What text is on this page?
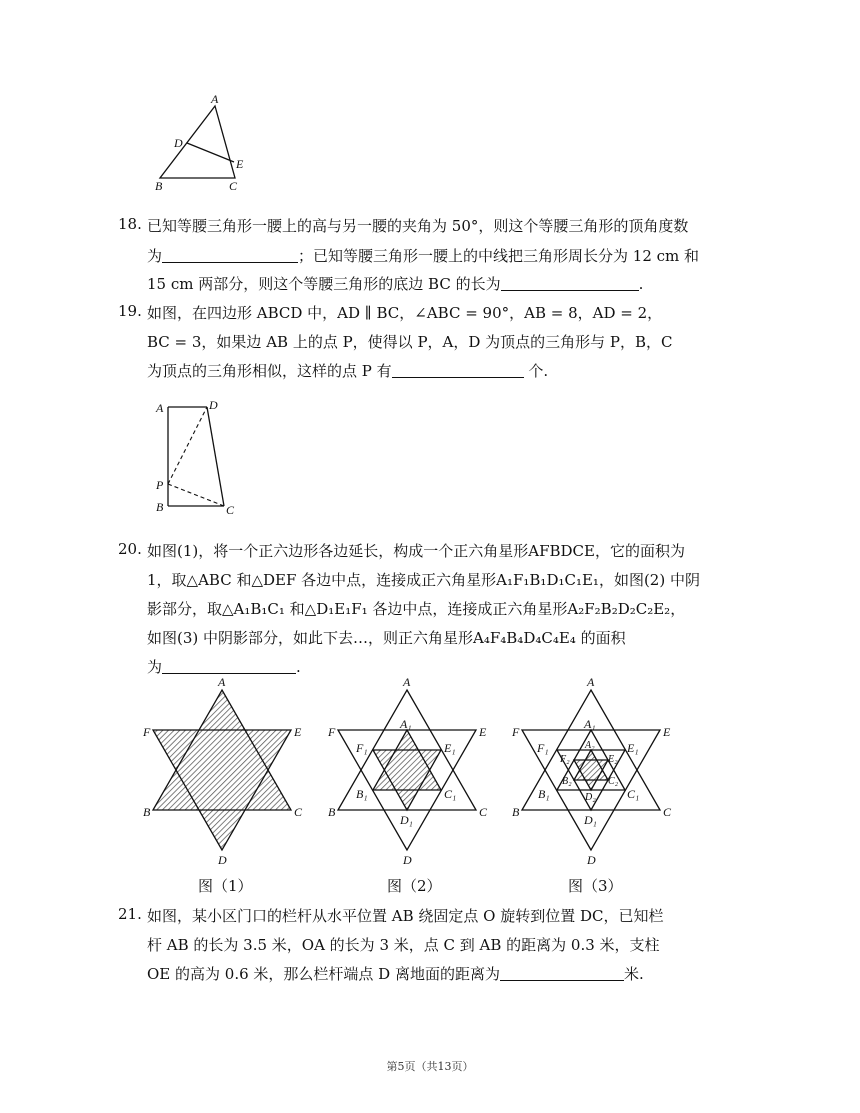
A
D
E
B	C
18. 已知等腰三角形一腰上的高与另一腰的夹角为 50°，则这个等腰三角形的顶角度数
为	；已知等腰三角形一腰上的中线把三角形周长分为 12 cm 和
15 cm 两部分，则这个等腰三角形的底边 BC 的长为	.
19. 如图，在四边形 ABCD 中，AD ∥ BC，∠ABC = 90°，AB = 8，AD = 2，
BC = 3，如果边 AB 上的点 P，使得以 P，A，D 为顶点的三角形与 P，B，C
为顶点的三角形相似，这样的点 P 有	个.
A	D
P
B	C
20. 如图(1)，将一个正六边形各边延长，构成一个正六角星形AFBDCE，它的面积为
1，取△ABC 和△DEF 各边中点，连接成正六角星形A₁F₁B₁D₁C₁E₁，如图(2) 中阴
影部分，取△A₁B₁C₁ 和△D₁E₁F₁ 各边中点，连接成正六角星形A₂F₂B₂D₂C₂E₂，
如图(3) 中阴影部分，如此下去…，则正六角星形A₄F₄B₄D₄C₄E₄ 的面积
为	.
A
F	E
B	C
D
A
F	E
B	C
D
A₁
F₁	E₁
B₁	C₁
D₁
A
F	E
B	C
D
A₁
F₁	E₁
B₁	C₁
D₁
A₂
F₂	E₂
B₂	C₂
D₂
图（1）	图（2）	图（3）
21. 如图，某小区门口的栏杆从水平位置 AB 绕固定点 O 旋转到位置 DC，已知栏
杆 AB 的长为 3.5 米，OA 的长为 3 米，点 C 到 AB 的距离为 0.3 米，支柱
OE 的高为 0.6 米，那么栏杆端点 D 离地面的距离为	米.
第5页（共13页）
